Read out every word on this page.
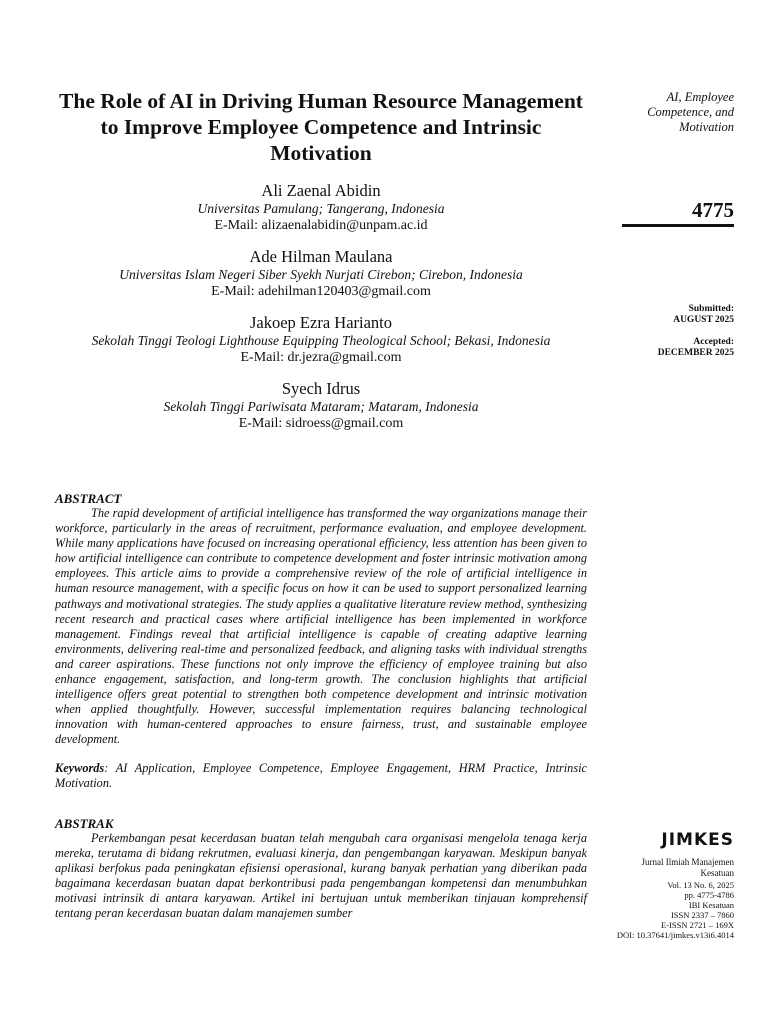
The Role of AI in Driving Human Resource Management to Improve Employee Competence and Intrinsic Motivation
Ali Zaenal Abidin
Universitas Pamulang; Tangerang, Indonesia
E-Mail: alizaenalabidin@unpam.ac.id
Ade Hilman Maulana
Universitas Islam Negeri Siber Syekh Nurjati Cirebon; Cirebon, Indonesia
E-Mail: adehilman120403@gmail.com
Jakoep Ezra Harianto
Sekolah Tinggi Teologi Lighthouse Equipping Theological School; Bekasi, Indonesia
E-Mail: dr.jezra@gmail.com
Syech Idrus
Sekolah Tinggi Pariwisata Mataram; Mataram, Indonesia
E-Mail: sidroess@gmail.com
ABSTRACT

The rapid development of artificial intelligence has transformed the way organizations manage their workforce, particularly in the areas of recruitment, performance evaluation, and employee development. While many applications have focused on increasing operational efficiency, less attention has been given to how artificial intelligence can contribute to competence development and foster intrinsic motivation among employees. This article aims to provide a comprehensive review of the role of artificial intelligence in human resource management, with a specific focus on how it can be used to support personalized learning pathways and motivational strategies. The study applies a qualitative literature review method, synthesizing recent research and practical cases where artificial intelligence has been implemented in workforce management. Findings reveal that artificial intelligence is capable of creating adaptive learning environments, delivering real-time and personalized feedback, and aligning tasks with individual strengths and career aspirations. These functions not only improve the efficiency of employee training but also enhance engagement, satisfaction, and long-term growth. The conclusion highlights that artificial intelligence offers great potential to strengthen both competence development and intrinsic motivation when applied thoughtfully. However, successful implementation requires balancing technological innovation with human-centered approaches to ensure fairness, trust, and sustainable employee development.

Keywords: AI Application, Employee Competence, Employee Engagement, HRM Practice, Intrinsic Motivation.
ABSTRAK

Perkembangan pesat kecerdasan buatan telah mengubah cara organisasi mengelola tenaga kerja mereka, terutama di bidang rekrutmen, evaluasi kinerja, dan pengembangan karyawan. Meskipun banyak aplikasi berfokus pada peningkatan efisiensi operasional, kurang banyak perhatian yang diberikan pada bagaimana kecerdasan buatan dapat berkontribusi pada pengembangan kompetensi dan menumbuhkan motivasi intrinsik di antara karyawan. Artikel ini bertujuan untuk memberikan tinjauan komprehensif tentang peran kecerdasan buatan dalam manajemen sumber

AI, Employee
Competence, and
Motivation
4775
Submitted:
AUGUST 2025
Accepted:
DECEMBER 2025
JIMKES
Jurnal Ilmiah Manajemen
Kesatuan
Vol. 13 No. 6, 2025
pp. 4775-4786
IBI Kesatuan
ISSN 2337 – 7860
E-ISSN 2721 – 169X
DOI: 10.37641/jimkes.v13i6.4014
